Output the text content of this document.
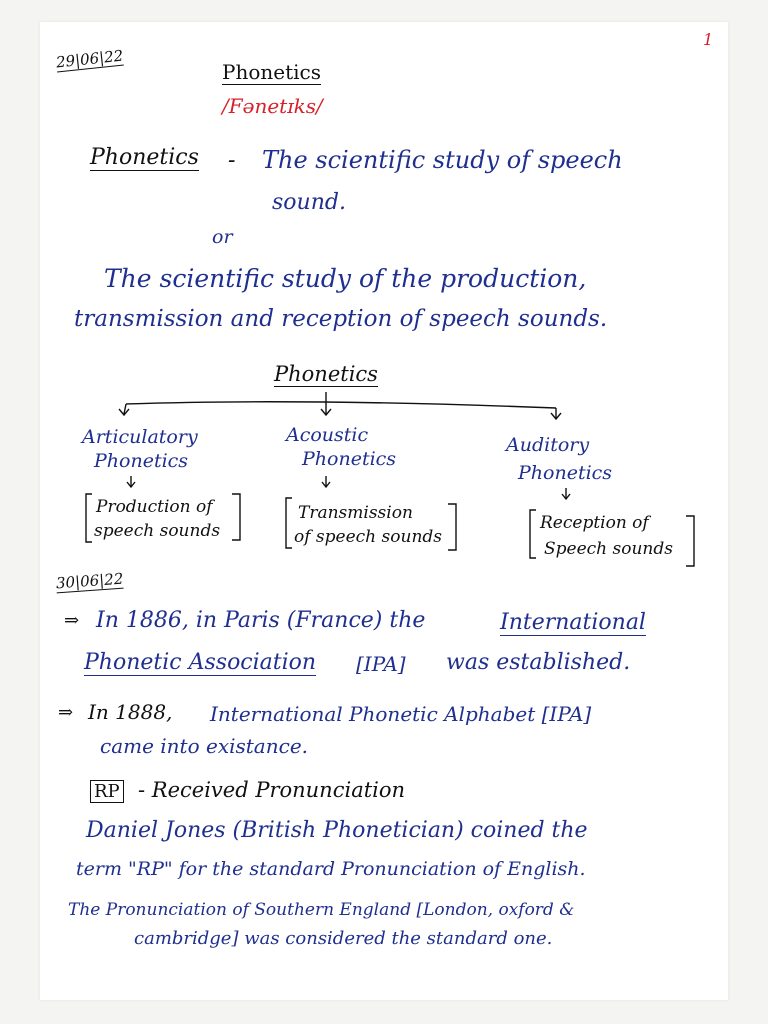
1
29|06|22
Phonetics
/Fənetɪks/
Phonetics - The scientific study of speech
sound.
or
The scientific study of the production,
transmission and reception of speech sounds.
Phonetics
Articulatory
Phonetics
Production of
speech sounds
Acoustic
Phonetics
Transmission
of speech sounds
Auditory
Phonetics
Reception of
Speech sounds
30|06|22
⇒ In 1886, in Paris (France) the	International
Phonetic Association [IPA] was established.
⇒ In 1888, International Phonetic Alphabet [IPA]
came into existance.
RP - Received Pronunciation
Daniel Jones (British Phonetician) coined the
term "RP" for the standard Pronunciation of English.
The Pronunciation of Southern England [London, oxford &
cambridge] was considered the standard one.
